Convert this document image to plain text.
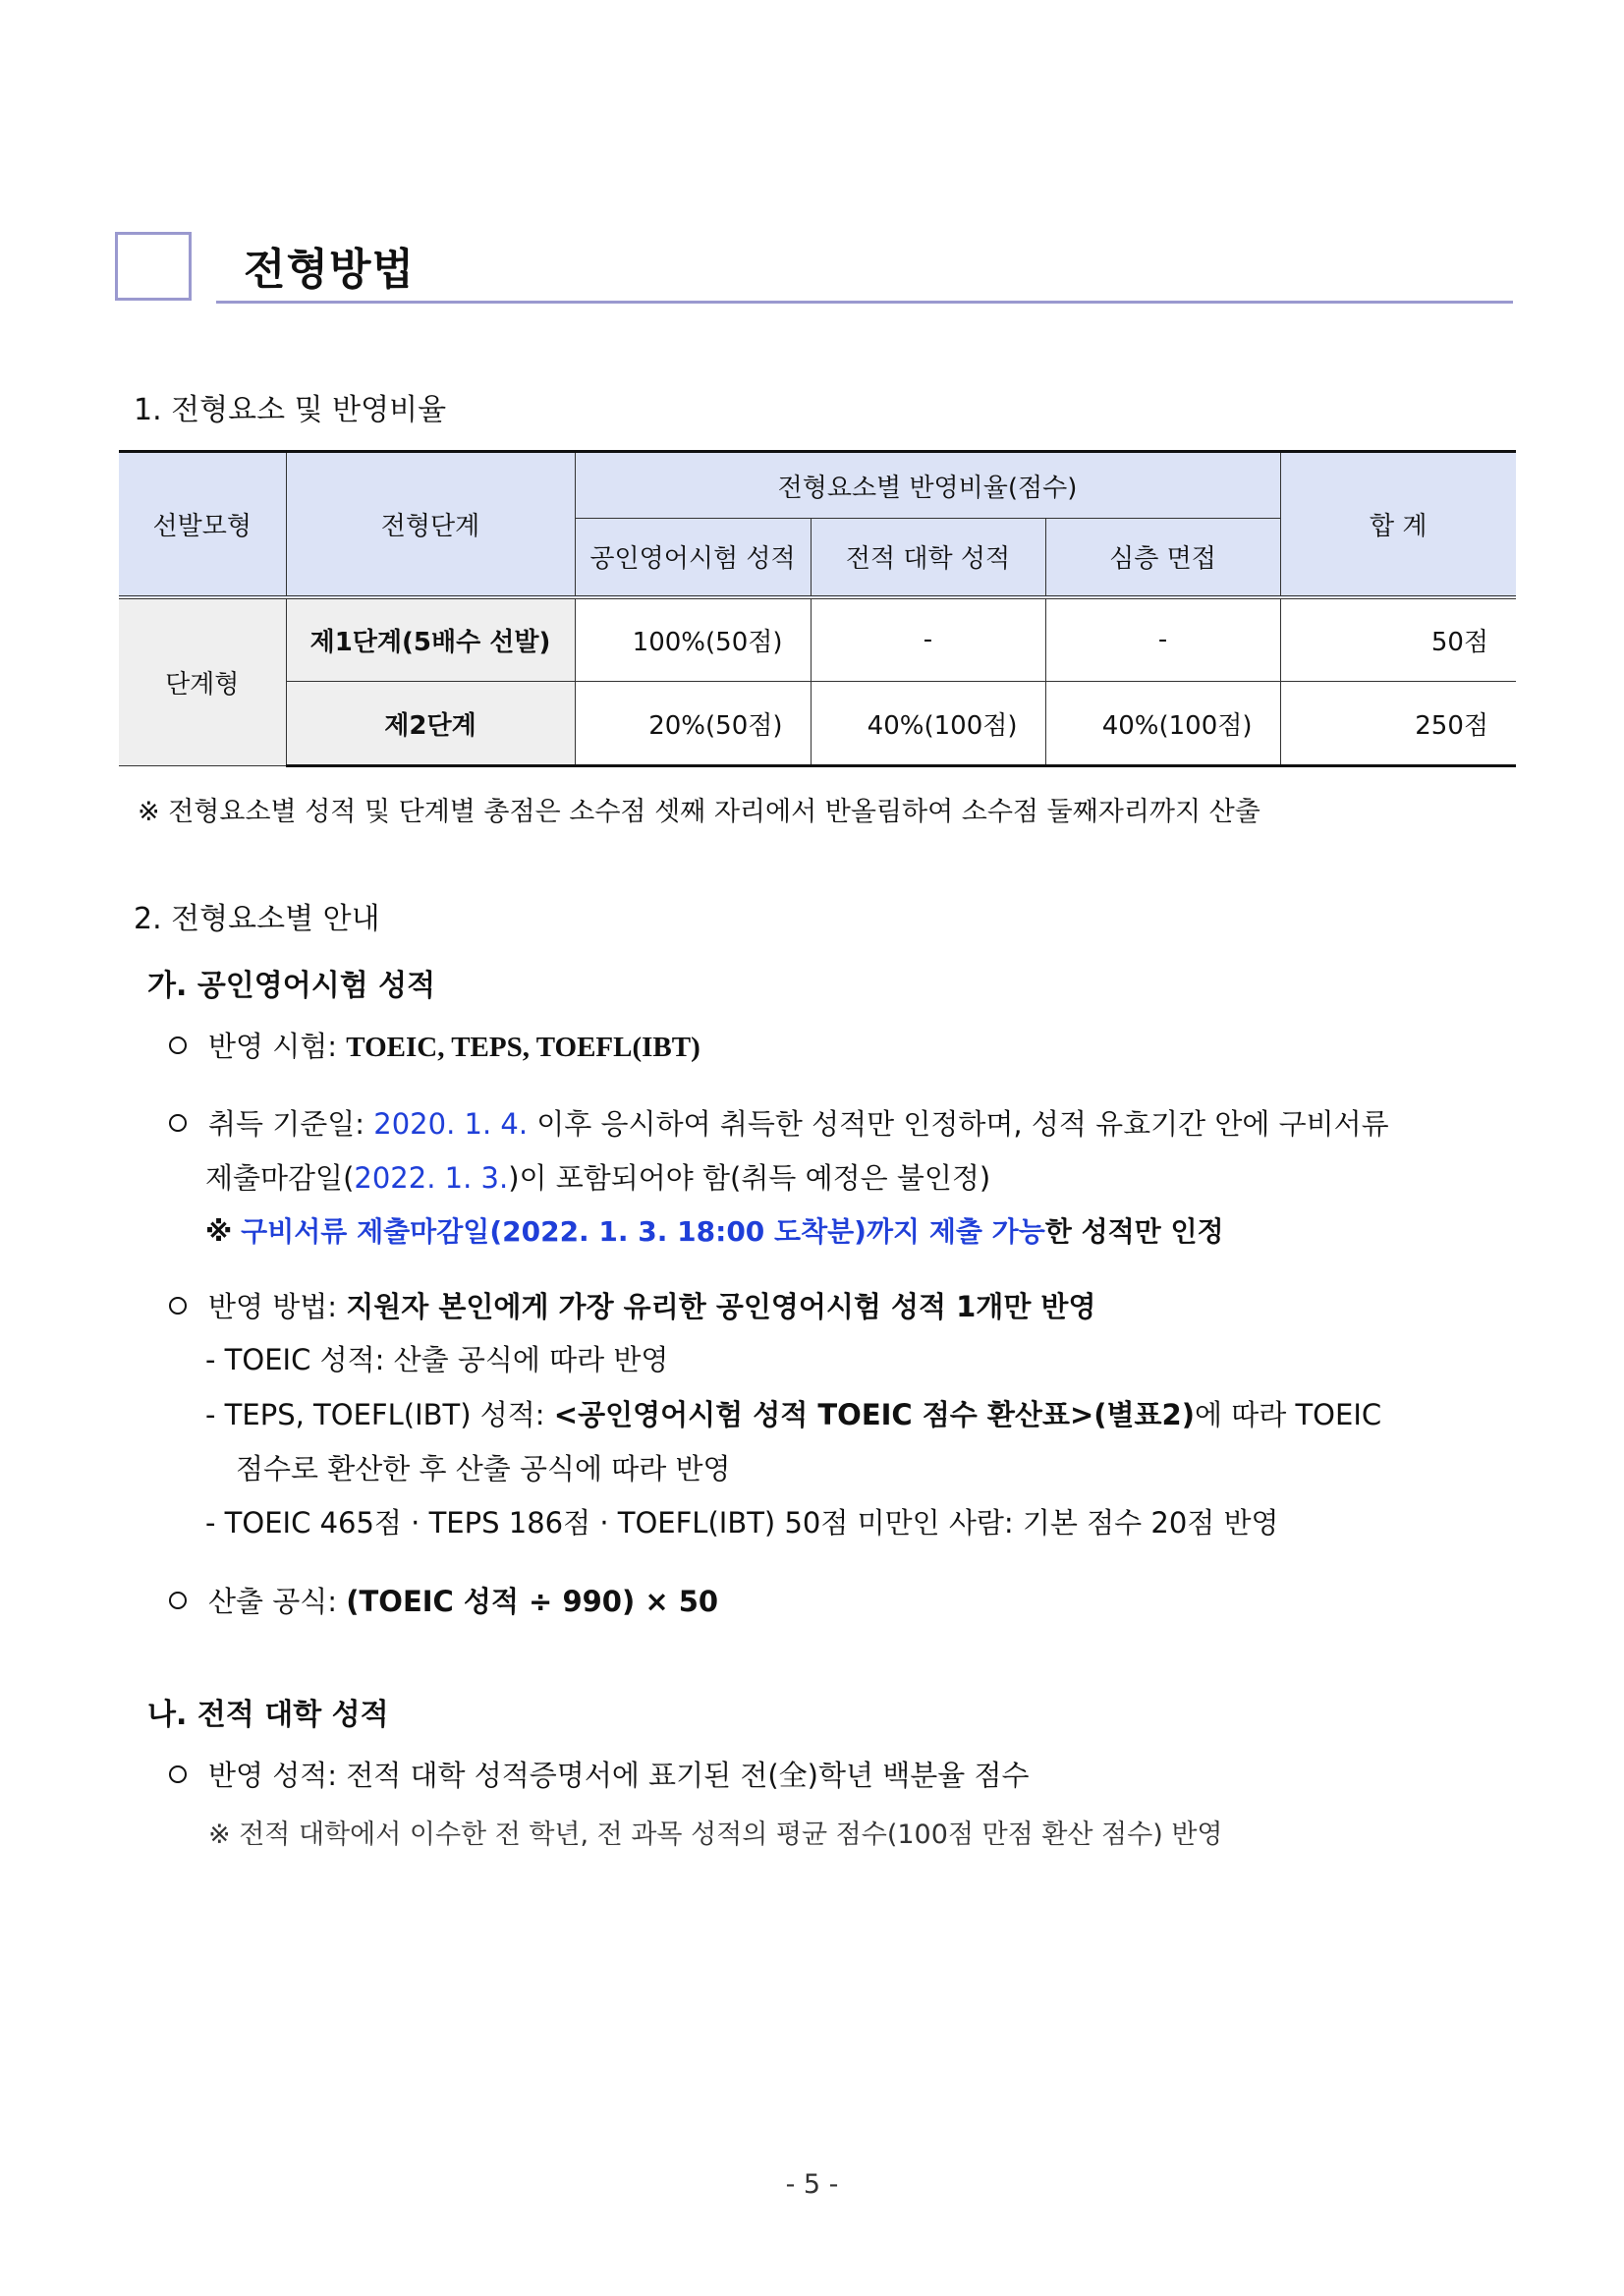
전형방법
1. 전형요소 및 반영비율
선발모형	전형단계	전형요소별 반영비율(점수)			합 계
		공인영어시험 성적	전적 대학 성적	심층 면접	
단계형	제1단계(5배수 선발)	100%(50점)	-	-	50점
	제2단계	20%(50점)	40%(100점)	40%(100점)	250점
※ 전형요소별 성적 및 단계별 총점은 소수점 셋째 자리에서 반올림하여 소수점 둘째자리까지 산출
2. 전형요소별 안내
가. 공인영어시험 성적
반영 시험: TOEIC, TEPS, TOEFL(IBT)
취득 기준일: 2020. 1. 4. 이후 응시하여 취득한 성적만 인정하며, 성적 유효기간 안에 구비서류
제출마감일(2022. 1. 3.)이 포함되어야 함(취득 예정은 불인정)
※ 구비서류 제출마감일(2022. 1. 3. 18:00 도착분)까지 제출 가능한 성적만 인정
반영 방법: 지원자 본인에게 가장 유리한 공인영어시험 성적 1개만 반영
- TOEIC 성적: 산출 공식에 따라 반영
- TEPS, TOEFL(IBT) 성적: <공인영어시험 성적 TOEIC 점수 환산표>(별표2)에 따라 TOEIC
점수로 환산한 후 산출 공식에 따라 반영
- TOEIC 465점 · TEPS 186점 · TOEFL(IBT) 50점 미만인 사람: 기본 점수 20점 반영
산출 공식: (TOEIC 성적 ÷ 990) × 50
나. 전적 대학 성적
반영 성적: 전적 대학 성적증명서에 표기된 전(全)학년 백분율 점수
※ 전적 대학에서 이수한 전 학년, 전 과목 성적의 평균 점수(100점 만점 환산 점수) 반영
- 5 -
